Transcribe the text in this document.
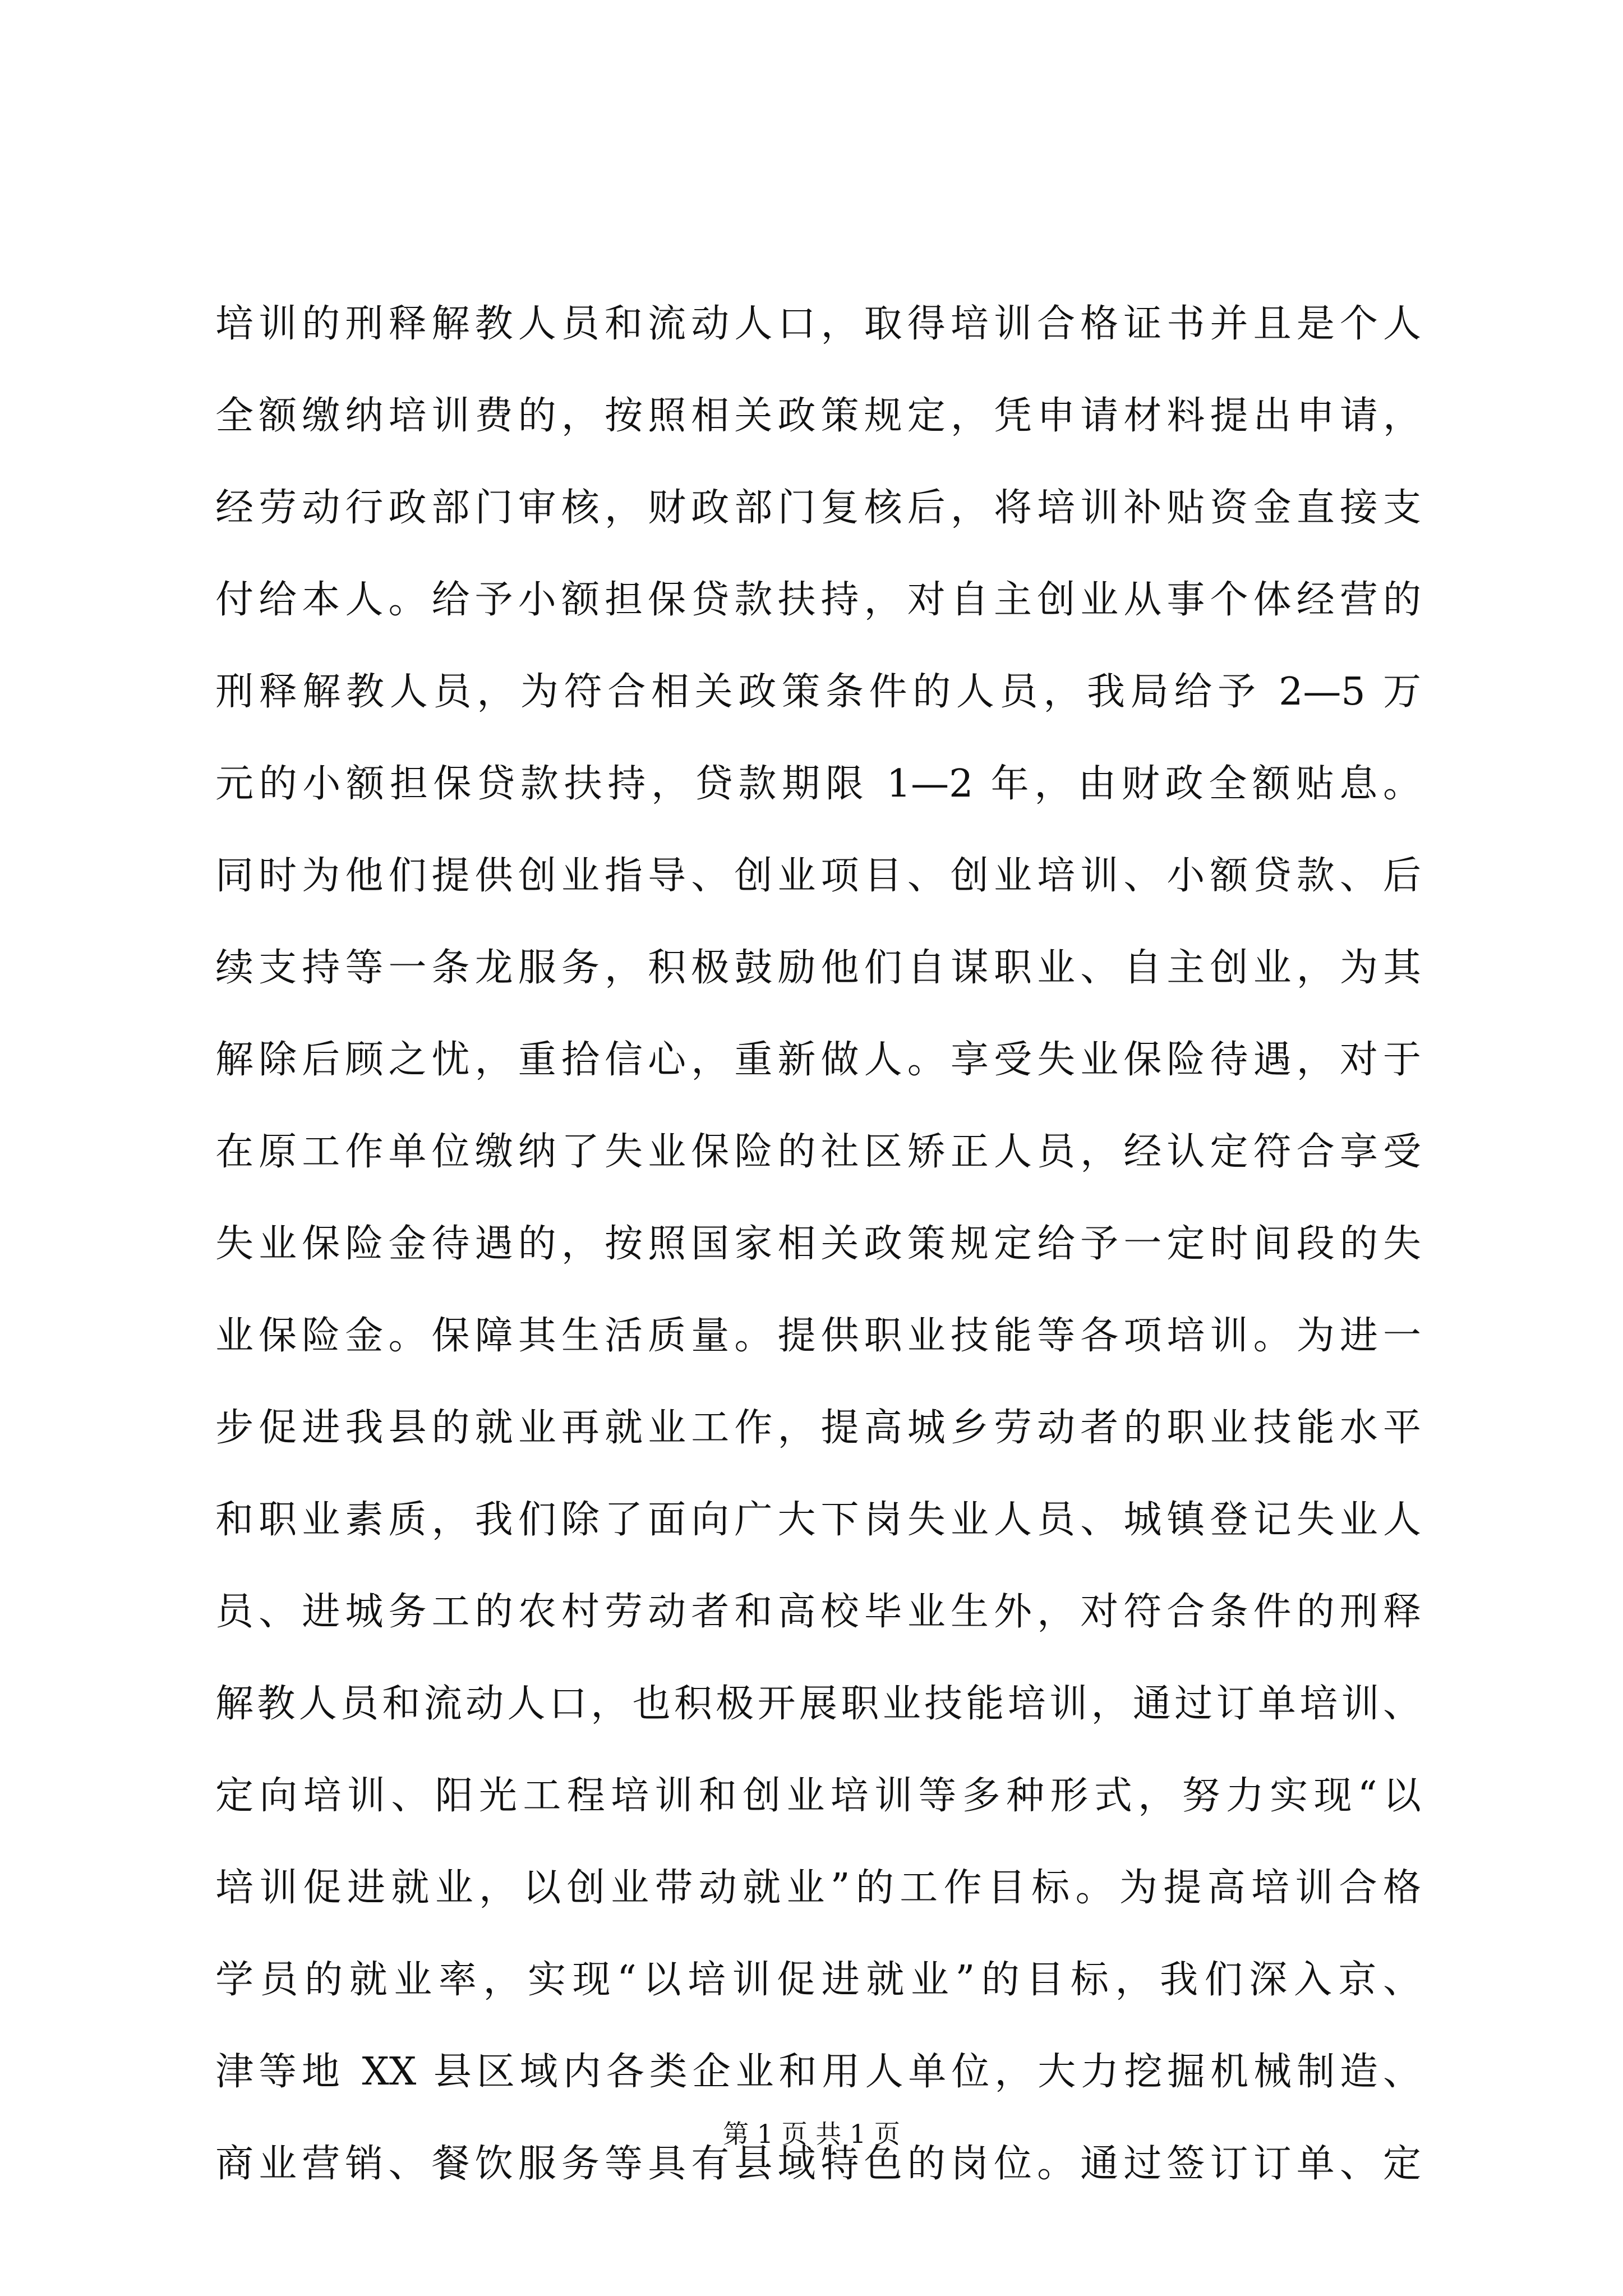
培训的刑释解教人员和流动人口，取得培训合格证书并且是个人
全额缴纳培训费的，按照相关政策规定，凭申请材料提出申请，
经劳动行政部门审核，财政部门复核后，将培训补贴资金直接支
付给本人。给予小额担保贷款扶持，对自主创业从事个体经营的
刑释解教人员，为符合相关政策条件的人员，我局给予 2—5 万
元的小额担保贷款扶持，贷款期限 1—2 年，由财政全额贴息。
同时为他们提供创业指导、创业项目、创业培训、小额贷款、后
续支持等一条龙服务，积极鼓励他们自谋职业、自主创业，为其
解除后顾之忧，重拾信心，重新做人。享受失业保险待遇，对于
在原工作单位缴纳了失业保险的社区矫正人员，经认定符合享受
失业保险金待遇的，按照国家相关政策规定给予一定时间段的失
业保险金。保障其生活质量。提供职业技能等各项培训。为进一
步促进我县的就业再就业工作，提高城乡劳动者的职业技能水平
和职业素质，我们除了面向广大下岗失业人员、城镇登记失业人
员、进城务工的农村劳动者和高校毕业生外，对符合条件的刑释
解教人员和流动人口，也积极开展职业技能培训，通过订单培训、
定向培训、阳光工程培训和创业培训等多种形式，努力实现“以
培训促进就业，以创业带动就业”的工作目标。为提高培训合格
学员的就业率，实现“以培训促进就业”的目标，我们深入京、
津等地 XX 县区域内各类企业和用人单位，大力挖掘机械制造、
商业营销、餐饮服务等具有县域特色的岗位。通过签订订单、定
第 1 页 共 1 页
